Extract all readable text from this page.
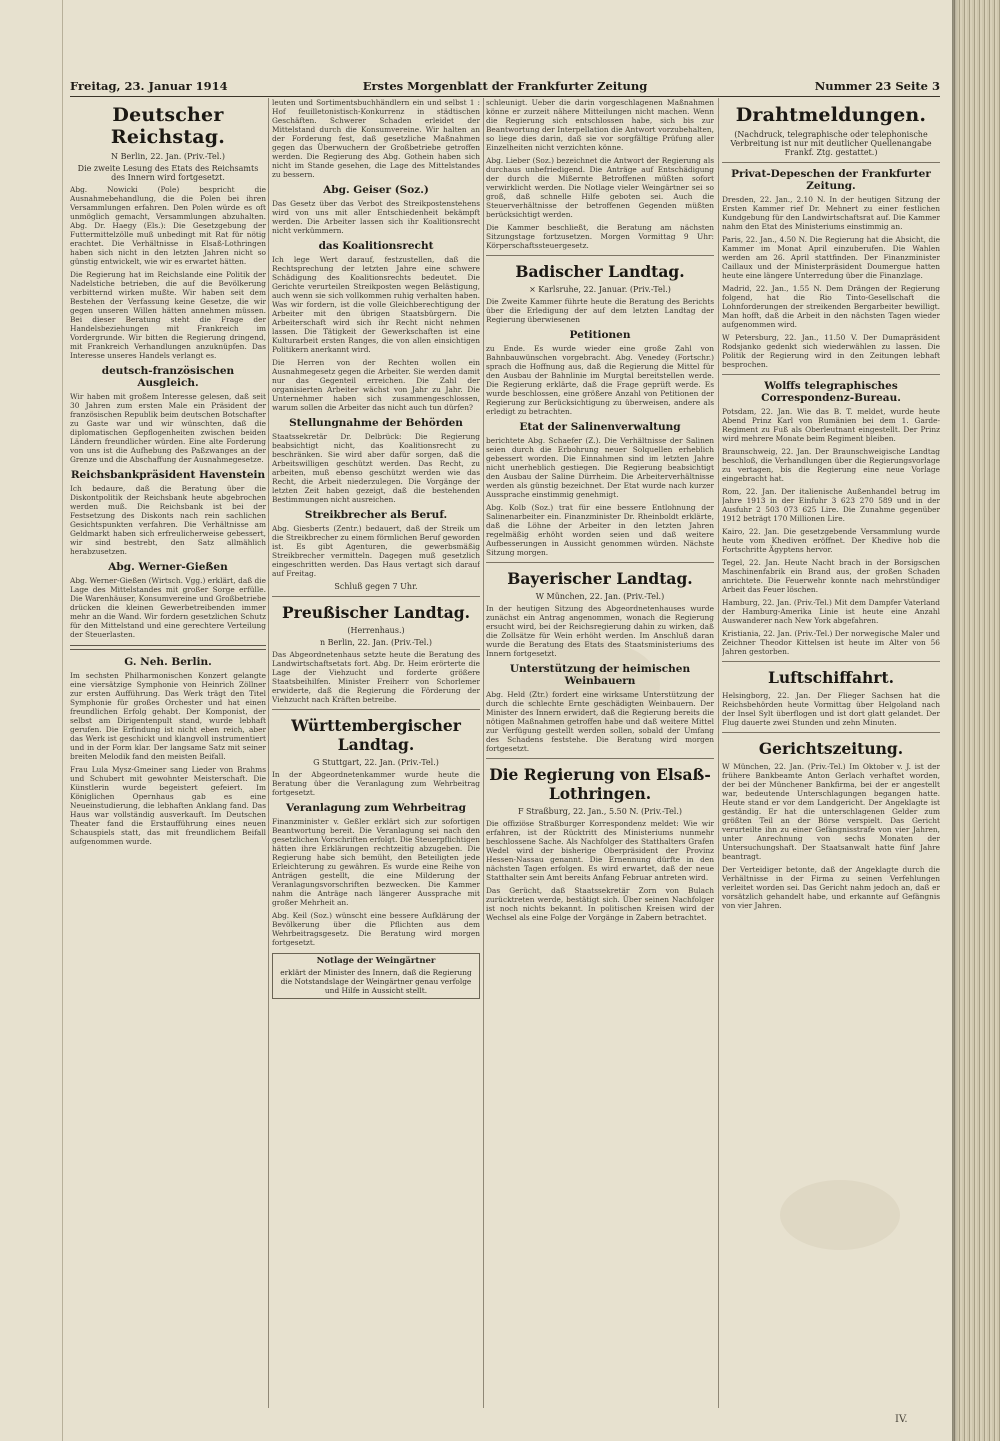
Freitag, 23. Januar 1914	Erstes Morgenblatt der Frankfurter Zeitung	Nummer 23 Seite 3
Deutscher Reichstag.
N Berlin, 22. Jan. (Priv.-Tel.)
Die zweite Lesung des Etats des Reichsamts des Innern wird fortgesetzt.

Abg. Nowicki (Pole) bespricht die Ausnahmebehandlung, die die Polen bei ihren Versammlungen erfahren. Den Polen würde es oft unmöglich gemacht, Versammlungen abzuhalten. Abg. Dr. Haegy (Els.): Die Gesetzgebung der Futtermittelzölle muß unbedingt mit Rat für nötig erachtet. Die Verhältnisse in Elsaß-Lothringen haben sich nicht in den letzten Jahren nicht so günstig entwickelt, wie wir es erwartet hätten.

Die Regierung hat im Reichslande eine Politik der Nadelstiche betrieben, die auf die Bevölkerung verbitternd wirken mußte. Wir haben seit dem Bestehen der Verfassung keine Gesetze, die wir gegen unseren Willen hätten annehmen müssen. Bei dieser Beratung steht die Frage der Handelsbeziehungen mit Frankreich im Vordergrunde. Wir bitten die Regierung dringend, mit Frankreich Verhandlungen anzuknüpfen. Das Interesse unseres Handels verlangt es.

deutsch-französischen Ausgleich.

Wir haben mit großem Interesse gelesen, daß seit 30 Jahren zum ersten Male ein Präsident der französischen Republik beim deutschen Botschafter zu Gaste war und wir wünschten, daß die diplomatischen Gepflogenheiten zwischen beiden Ländern freundlicher würden. Eine alte Forderung von uns ist die Aufhebung des Paßzwanges an der Grenze und die Abschaffung der Ausnahmegesetze.

Reichsbankpräsident Havenstein

Ich bedaure, daß die Beratung über die Diskontpolitik der Reichsbank heute abgebrochen werden muß. Die Reichsbank ist bei der Festsetzung des Diskonts nach rein sachlichen Gesichtspunkten verfahren. Die Verhältnisse am Geldmarkt haben sich erfreulicherweise gebessert, wir sind bestrebt, den Satz allmählich herabzusetzen.

Abg. Werner-Gießen

Abg. Werner-Gießen (Wirtsch. Vgg.) erklärt, daß die Lage des Mittelstandes mit großer Sorge erfülle. Die Warenhäuser, Konsumvereine und Großbetriebe drücken die kleinen Gewerbetreibenden immer mehr an die Wand. Wir fordern gesetzlichen Schutz für den Mittelstand und eine gerechtere Verteilung der Steuerlasten.

G. Neh. Berlin.

Im sechsten Philharmonischen Konzert gelangte eine viersätzige Symphonie von Heinrich Zöllner zur ersten Aufführung. Das Werk trägt den Titel Symphonie für großes Orchester und hat einen freundlichen Erfolg gehabt. Der Komponist, der selbst am Dirigentenpult stand, wurde lebhaft gerufen. Die Erfindung ist nicht eben reich, aber das Werk ist geschickt und klangvoll instrumentiert und in der Form klar. Der langsame Satz mit seiner breiten Melodik fand den meisten Beifall.

Frau Lula Mysz-Gmeiner sang Lieder von Brahms und Schubert mit gewohnter Meisterschaft. Die Künstlerin wurde begeistert gefeiert. Im Königlichen Opernhaus gab es eine Neueinstudierung, die lebhaften Anklang fand. Das Haus war vollständig ausverkauft. Im Deutschen Theater fand die Erstaufführung eines neuen Schauspiels statt, das mit freundlichem Beifall aufgenommen wurde.

leuten und Sortimentsbuchhändlern ein und selbst 1 : Hof feuilletonistisch-Konkurrenz in städtischen Geschäften. Schwerer Schaden erleidet der Mittelstand durch die Konsumvereine. Wir halten an der Forderung fest, daß gesetzliche Maßnahmen gegen das Überwuchern der Großbetriebe getroffen werden. Die Regierung des Abg. Gothein haben sich nicht im Stande gesehen, die Lage des Mittelstandes zu bessern.

Abg. Geiser (Soz.)

Das Gesetz über das Verbot des Streikpostenstehens wird von uns mit aller Entschiedenheit bekämpft werden. Die Arbeiter lassen sich ihr Koalitionsrecht nicht verkümmern.

das Koalitionsrecht

Ich lege Wert darauf, festzustellen, daß die Rechtsprechung der letzten Jahre eine schwere Schädigung des Koalitionsrechts bedeutet. Die Gerichte verurteilen Streikposten wegen Belästigung, auch wenn sie sich vollkommen ruhig verhalten haben. Was wir fordern, ist die volle Gleichberechtigung der Arbeiter mit den übrigen Staatsbürgern. Die Arbeiterschaft wird sich ihr Recht nicht nehmen lassen. Die Tätigkeit der Gewerkschaften ist eine Kulturarbeit ersten Ranges, die von allen einsichtigen Politikern anerkannt wird.

Die Herren von der Rechten wollen ein Ausnahmegesetz gegen die Arbeiter. Sie werden damit nur das Gegenteil erreichen. Die Zahl der organisierten Arbeiter wächst von Jahr zu Jahr. Die Unternehmer haben sich zusammengeschlossen, warum sollen die Arbeiter das nicht auch tun dürfen?

Stellungnahme der Behörden

Staatssekretär Dr. Delbrück: Die Regierung beabsichtigt nicht, das Koalitionsrecht zu beschränken. Sie wird aber dafür sorgen, daß die Arbeitswilligen geschützt werden. Das Recht, zu arbeiten, muß ebenso geschützt werden wie das Recht, die Arbeit niederzulegen. Die Vorgänge der letzten Zeit haben gezeigt, daß die bestehenden Bestimmungen nicht ausreichen.

Streikbrecher als Beruf.

Abg. Giesberts (Zentr.) bedauert, daß der Streik um die Streikbrecher zu einem förmlichen Beruf geworden ist. Es gibt Agenturen, die gewerbsmäßig Streikbrecher vermitteln. Dagegen muß gesetzlich eingeschritten werden. Das Haus vertagt sich darauf auf Freitag.

Schluß gegen 7 Uhr.
Preußischer Landtag.
(Herrenhaus.)
n Berlin, 22. Jan. (Priv.-Tel.)

Das Abgeordnetenhaus setzte heute die Beratung des Landwirtschaftsetats fort. Abg. Dr. Heim erörterte die Lage der Viehzucht und forderte größere Staatsbeihilfen. Minister Freiherr von Schorlemer erwiderte, daß die Regierung die Förderung der Viehzucht nach Kräften betreibe.

Württembergischer Landtag.
G Stuttgart, 22. Jan. (Priv.-Tel.)

In der Abgeordnetenkammer wurde heute die Beratung über die Veranlagung zum Wehrbeitrag fortgesetzt.

Veranlagung zum Wehrbeitrag

Finanzminister v. Geßler erklärt sich zur sofortigen Beantwortung bereit. Die Veranlagung sei nach den gesetzlichen Vorschriften erfolgt. Die Steuerpflichtigen hätten ihre Erklärungen rechtzeitig abzugeben. Die Regierung habe sich bemüht, den Beteiligten jede Erleichterung zu gewähren. Es wurde eine Reihe von Anträgen gestellt, die eine Milderung der Veranlagungsvorschriften bezwecken. Die Kammer nahm die Anträge nach längerer Aussprache mit großer Mehrheit an.

Abg. Keil (Soz.) wünscht eine bessere Aufklärung der Bevölkerung über die Pflichten aus dem Wehrbeitragsgesetz. Die Beratung wird morgen fortgesetzt.

Notlage der Weingärtner
erklärt der Minister des Innern, daß die Regierung die Notstandslage der Weingärtner genau verfolge und Hilfe in Aussicht stellt.

schleunigt. Ueber die darin vorgeschlagenen Maßnahmen könne er zurzeit nähere Mitteilungen nicht machen. Wenn die Regierung sich entschlossen habe, sich bis zur Beantwortung der Interpellation die Antwort vorzubehalten, so liege dies darin, daß sie vor sorgfältige Prüfung aller Einzelheiten nicht verzichten könne.

Abg. Lieber (Soz.) bezeichnet die Antwort der Regierung als durchaus unbefriedigend. Die Anträge auf Entschädigung der durch die Mißernte Betroffenen müßten sofort verwirklicht werden. Die Notlage vieler Weingärtner sei so groß, daß schnelle Hilfe geboten sei. Auch die Steuerverhältnisse der betroffenen Gegenden müßten berücksichtigt werden.

Die Kammer beschließt, die Beratung am nächsten Sitzungstage fortzusetzen. Morgen Vormittag 9 Uhr: Körperschaftssteuergesetz.

Badischer Landtag.
× Karlsruhe, 22. Januar. (Priv.-Tel.)

Die Zweite Kammer führte heute die Beratung des Berichts über die Erledigung der auf dem letzten Landtag der Regierung überwiesenen

Petitionen

zu Ende. Es wurde wieder eine große Zahl von Bahnbauwünschen vorgebracht. Abg. Venedey (Fortschr.) sprach die Hoffnung aus, daß die Regierung die Mittel für den Ausbau der Bahnlinie im Murgtal bereitstellen werde. Die Regierung erklärte, daß die Frage geprüft werde. Es wurde beschlossen, eine größere Anzahl von Petitionen der Regierung zur Berücksichtigung zu überweisen, andere als erledigt zu betrachten.

Etat der Salinenverwaltung

berichtete Abg. Schaefer (Z.). Die Verhältnisse der Salinen seien durch die Erbohrung neuer Solquellen erheblich gebessert worden. Die Einnahmen sind im letzten Jahre nicht unerheblich gestiegen. Die Regierung beabsichtigt den Ausbau der Saline Dürrheim. Die Arbeiterverhältnisse werden als günstig bezeichnet. Der Etat wurde nach kurzer Aussprache einstimmig genehmigt.

Abg. Kolb (Soz.) trat für eine bessere Entlohnung der Salinenarbeiter ein. Finanzminister Dr. Rheinboldt erklärte, daß die Löhne der Arbeiter in den letzten Jahren regelmäßig erhöht worden seien und daß weitere Aufbesserungen in Aussicht genommen würden. Nächste Sitzung morgen.

Bayerischer Landtag.
W München, 22. Jan. (Priv.-Tel.)

In der heutigen Sitzung des Abgeordnetenhauses wurde zunächst ein Antrag angenommen, wonach die Regierung ersucht wird, bei der Reichsregierung dahin zu wirken, daß die Zollsätze für Wein erhöht werden. Im Anschluß daran wurde die Beratung des Etats des Staatsministeriums des Innern fortgesetzt.

Unterstützung der heimischen Weinbauern

Abg. Held (Ztr.) fordert eine wirksame Unterstützung der durch die schlechte Ernte geschädigten Weinbauern. Der Minister des Innern erwidert, daß die Regierung bereits die nötigen Maßnahmen getroffen habe und daß weitere Mittel zur Verfügung gestellt werden sollen, sobald der Umfang des Schadens feststehe. Die Beratung wird morgen fortgesetzt.

Die Regierung von Elsaß-Lothringen.
F Straßburg, 22. Jan., 5.50 N. (Priv.-Tel.)

Die offiziöse Straßburger Korrespondenz meldet: Wie wir erfahren, ist der Rücktritt des Ministeriums nunmehr beschlossene Sache. Als Nachfolger des Statthalters Grafen Wedel wird der bisherige Oberpräsident der Provinz Hessen-Nassau genannt. Die Ernennung dürfte in den nächsten Tagen erfolgen. Es wird erwartet, daß der neue Statthalter sein Amt bereits Anfang Februar antreten wird.

Das Gerücht, daß Staatssekretär Zorn von Bulach zurücktreten werde, bestätigt sich. Über seinen Nachfolger ist noch nichts bekannt. In politischen Kreisen wird der Wechsel als eine Folge der Vorgänge in Zabern betrachtet.

Drahtmeldungen.
(Nachdruck, telegraphische oder telephonische Verbreitung ist nur mit deutlicher Quellenangabe Frankf. Ztg. gestattet.)
Privat-Depeschen der Frankfurter Zeitung.

Dresden, 22. Jan., 2.10 N. In der heutigen Sitzung der Ersten Kammer rief Dr. Mehnert zu einer festlichen Kundgebung für den Landwirtschaftsrat auf. Die Kammer nahm den Etat des Ministeriums einstimmig an.

Paris, 22. Jan., 4.50 N. Die Regierung hat die Absicht, die Kammer im Monat April einzuberufen. Die Wahlen werden am 26. April stattfinden. Der Finanzminister Caillaux und der Ministerpräsident Doumergue hatten heute eine längere Unterredung über die Finanzlage.

Madrid, 22. Jan., 1.55 N. Dem Drängen der Regierung folgend, hat die Rio Tinto-Gesellschaft die Lohnforderungen der streikenden Bergarbeiter bewilligt. Man hofft, daß die Arbeit in den nächsten Tagen wieder aufgenommen wird.

W Petersburg, 22. Jan., 11.50 V. Der Dumapräsident Rodsjanko gedenkt sich wiederwählen zu lassen. Die Politik der Regierung wird in den Zeitungen lebhaft besprochen.

Wolffs telegraphisches Correspondenz-Bureau.

Potsdam, 22. Jan. Wie das B. T. meldet, wurde heute Abend Prinz Karl von Rumänien bei dem 1. Garde-Regiment zu Fuß als Oberleutnant eingestellt. Der Prinz wird mehrere Monate beim Regiment bleiben.

Braunschweig, 22. Jan. Der Braunschweigische Landtag beschloß, die Verhandlungen über die Regierungsvorlage zu vertagen, bis die Regierung eine neue Vorlage eingebracht hat.

Rom, 22. Jan. Der italienische Außenhandel betrug im Jahre 1913 in der Einfuhr 3 623 270 589 und in der Ausfuhr 2 503 073 625 Lire. Die Zunahme gegenüber 1912 beträgt 170 Millionen Lire.

Kairo, 22. Jan. Die gesetzgebende Versammlung wurde heute vom Khediven eröffnet. Der Khedive hob die Fortschritte Ägyptens hervor.

Tegel, 22. Jan. Heute Nacht brach in der Borsigschen Maschinenfabrik ein Brand aus, der großen Schaden anrichtete. Die Feuerwehr konnte nach mehrstündiger Arbeit das Feuer löschen.

Hamburg, 22. Jan. (Priv.-Tel.) Mit dem Dampfer Vaterland der Hamburg-Amerika Linie ist heute eine Anzahl Auswanderer nach New York abgefahren.

Kristiania, 22. Jan. (Priv.-Tel.) Der norwegische Maler und Zeichner Theodor Kittelsen ist heute im Alter von 56 Jahren gestorben.

Luftschiffahrt.

Helsingborg, 22. Jan. Der Flieger Sachsen hat die Reichsbehörden heute Vormittag über Helgoland nach der Insel Sylt überflogen und ist dort glatt gelandet. Der Flug dauerte zwei Stunden und zehn Minuten.

Gerichtszeitung.

W München, 22. Jan. (Priv.-Tel.) Im Oktober v. J. ist der frühere Bankbeamte Anton Gerlach verhaftet worden, der bei der Münchener Bankfirma, bei der er angestellt war, bedeutende Unterschlagungen begangen hatte. Heute stand er vor dem Landgericht. Der Angeklagte ist geständig. Er hat die unterschlagenen Gelder zum größten Teil an der Börse verspielt. Das Gericht verurteilte ihn zu einer Gefängnisstrafe von vier Jahren, unter Anrechnung von sechs Monaten der Untersuchungshaft. Der Staatsanwalt hatte fünf Jahre beantragt.

Der Verteidiger betonte, daß der Angeklagte durch die Verhältnisse in der Firma zu seinen Verfehlungen verleitet worden sei. Das Gericht nahm jedoch an, daß er vorsätzlich gehandelt habe, und erkannte auf Gefängnis von vier Jahren.

IV.
